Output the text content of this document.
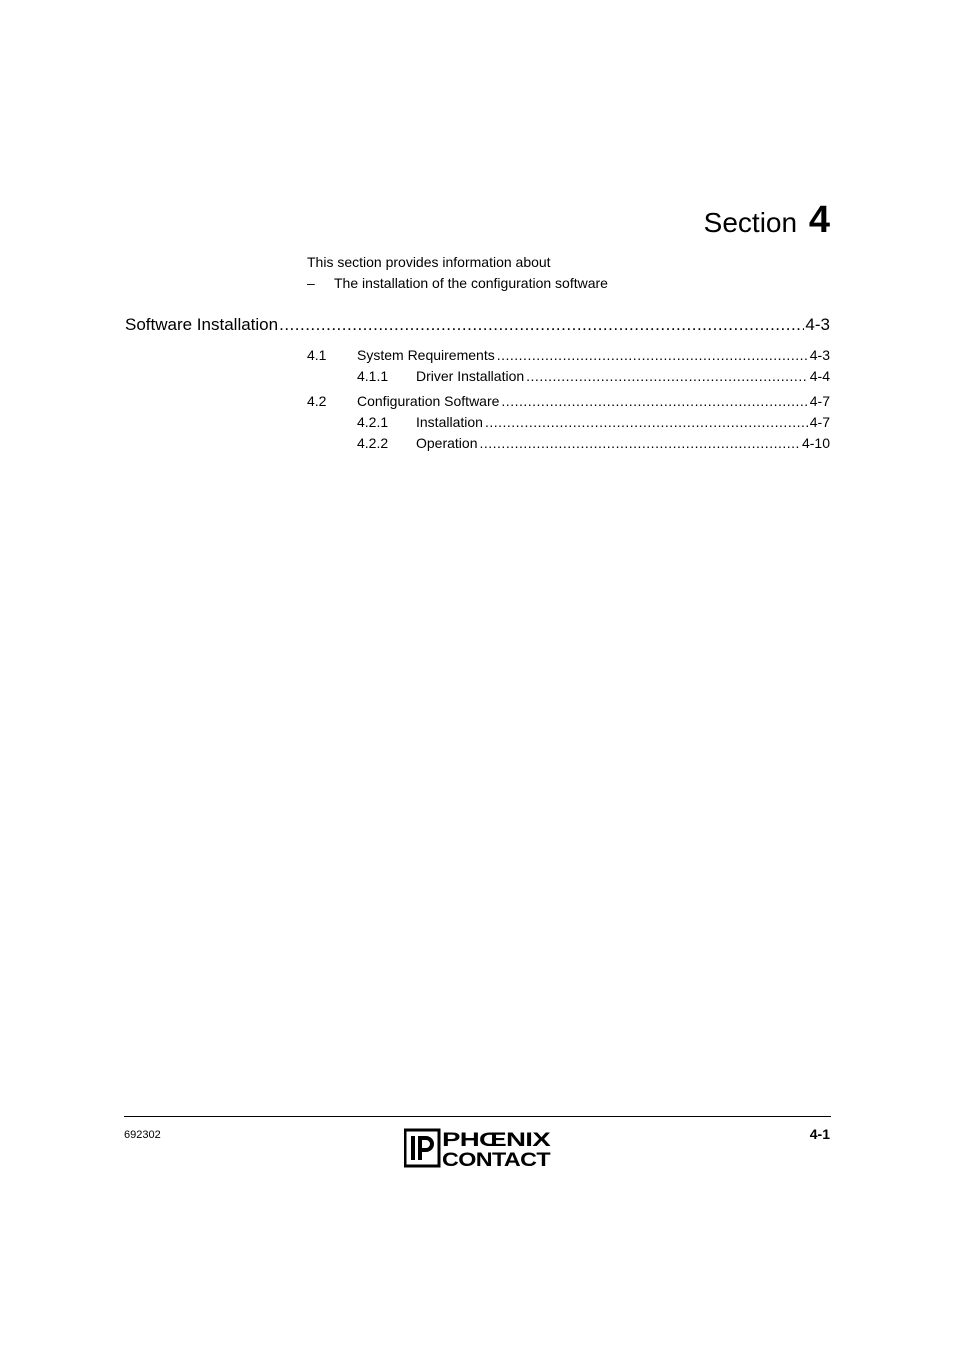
Section 4
This section provides information about
–	The installation of the configuration software
Software Installation .....	4-3
4.1	System Requirements .....	4-3
4.1.1	Driver Installation .....	4-4
4.2	Configuration Software .....	4-7
4.2.1	Installation .....	4-7
4.2.2	Operation .....	4-10
692302	4-1
PHŒNIX
CONTACT
